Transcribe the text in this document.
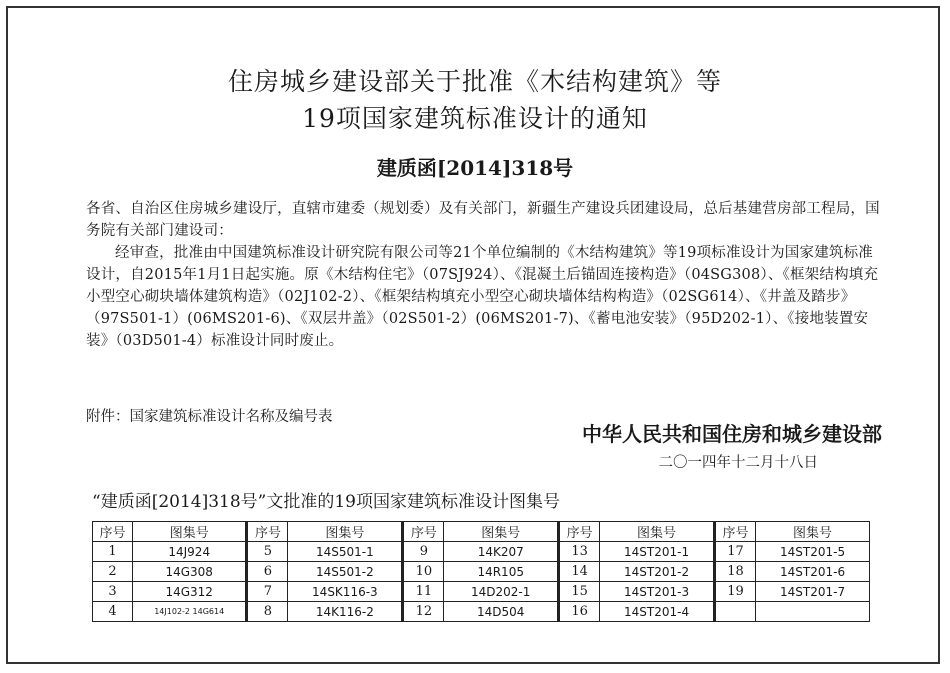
住房城乡建设部关于批准《木结构建筑》等
19项国家建筑标准设计的通知
建质函[2014]318号

各省、自治区住房城乡建设厅，直辖市建委（规划委）及有关部门，新疆生产建设兵团建设局，总后基建营房部工程局，国务院有关部门建设司：

经审查，批准由中国建筑标准设计研究院有限公司等21个单位编制的《木结构建筑》等19项标准设计为国家建筑标准设计，自2015年1月1日起实施。原《木结构住宅》（07SJ924）、《混凝土后锚固连接构造》（04SG308）、《框架结构填充小型空心砌块墙体建筑构造》（02J102-2）、《框架结构填充小型空心砌块墙体结构构造》（02SG614）、《井盖及踏步》（97S501-1）(06MS201-6)、《双层井盖》（02S501-2）(06MS201-7)、《蓄电池安装》（95D202-1）、《接地装置安装》（03D501-4）标准设计同时废止。

附件：国家建筑标准设计名称及编号表
中华人民共和国住房和城乡建设部
二〇一四年十二月十八日
“建质函[2014]318号”文批准的19项国家建筑标准设计图集号
序号	图集号	序号	图集号	序号	图集号	序号	图集号	序号	图集号
1	14J924	5	14S501-1	9	14K207	13	14ST201-1	17	14ST201-5
2	14G308	6	14S501-2	10	14R105	14	14ST201-2	18	14ST201-6
3	14G312	7	14SK116-3	11	14D202-1	15	14ST201-3	19	14ST201-7
4	14J102-2 14G614	8	14K116-2	12	14D504	16	14ST201-4		
